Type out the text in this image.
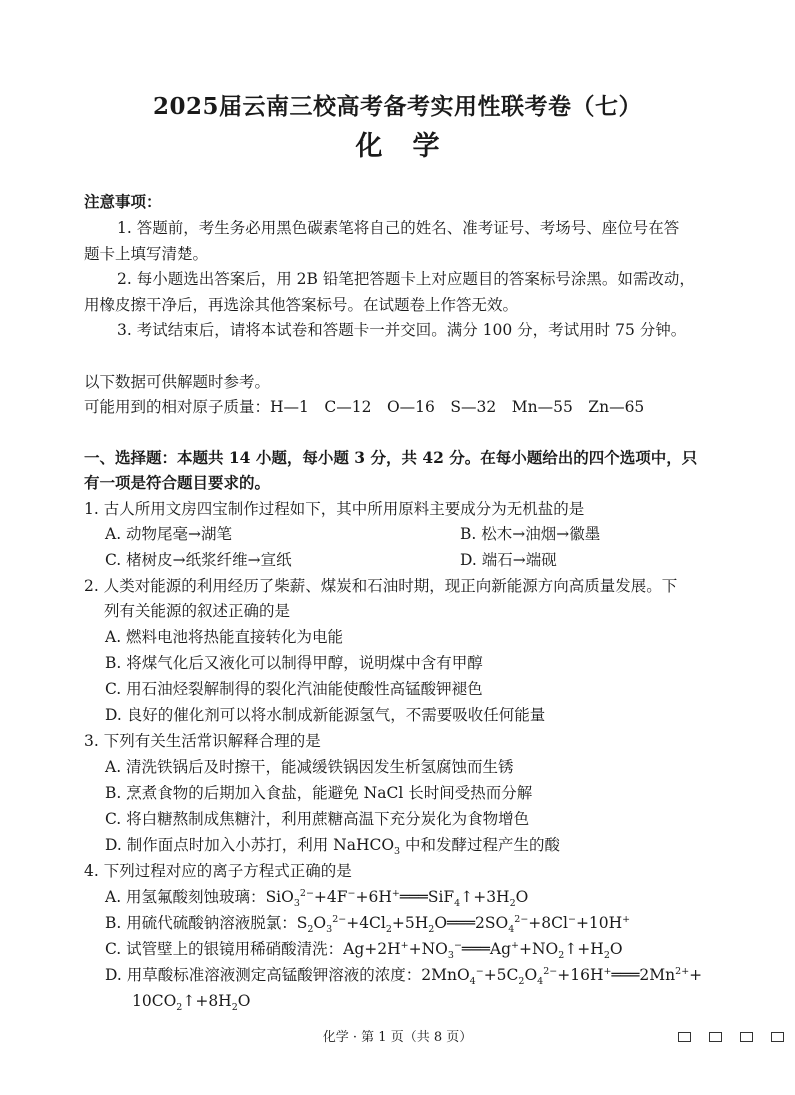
2025届云南三校高考备考实用性联考卷（七）
化 学
注意事项：
1. 答题前，考生务必用黑色碳素笔将自己的姓名、准考证号、考场号、座位号在答
题卡上填写清楚。
2. 每小题选出答案后，用 2B 铅笔把答题卡上对应题目的答案标号涂黑。如需改动，
用橡皮擦干净后，再选涂其他答案标号。在试题卷上作答无效。
3. 考试结束后，请将本试卷和答题卡一并交回。满分 100 分，考试用时 75 分钟。
以下数据可供解题时参考。
可能用到的相对原子质量：H—1　C—12　O—16　S—32　Mn—55　Zn—65
一、选择题：本题共 14 小题，每小题 3 分，共 42 分。在每小题给出的四个选项中，只
有一项是符合题目要求的。
1. 古人所用文房四宝制作过程如下，其中所用原料主要成分为无机盐的是
A. 动物尾毫→湖笔	B. 松木→油烟→徽墨
C. 楮树皮→纸浆纤维→宣纸	D. 端石→端砚
2. 人类对能源的利用经历了柴薪、煤炭和石油时期，现正向新能源方向高质量发展。下
列有关能源的叙述正确的是
A. 燃料电池将热能直接转化为电能
B. 将煤气化后又液化可以制得甲醇，说明煤中含有甲醇
C. 用石油烃裂解制得的裂化汽油能使酸性高锰酸钾褪色
D. 良好的催化剂可以将水制成新能源氢气，不需要吸收任何能量
3. 下列有关生活常识解释合理的是
A. 清洗铁锅后及时擦干，能减缓铁锅因发生析氢腐蚀而生锈
B. 烹煮食物的后期加入食盐，能避免 NaCl 长时间受热而分解
C. 将白糖熬制成焦糖汁，利用蔗糖高温下充分炭化为食物增色
D. 制作面点时加入小苏打，利用 NaHCO$_3$ 中和发酵过程产生的酸
4. 下列过程对应的离子方程式正确的是
A. 用氢氟酸刻蚀玻璃：$SiO_3^{2-}+4F^-+6H^+═══SiF_4↑+3H_2O$
B. 用硫代硫酸钠溶液脱氯：$S_2O_3^{2-}+4Cl_2+5H_2O═══2SO_4^{2-}+8Cl^-+10H^+$
C. 试管壁上的银镜用稀硝酸清洗：$Ag+2H^++NO_3^-═══Ag^++NO_2↑+H_2O$
D. 用草酸标准溶液测定高锰酸钾溶液的浓度：$2MnO_4^-+5C_2O_4^{2-}+16H^+═══2Mn^{2+}+$
$10CO_2↑+8H_2O$
化学 · 第 1 页（共 8 页）
